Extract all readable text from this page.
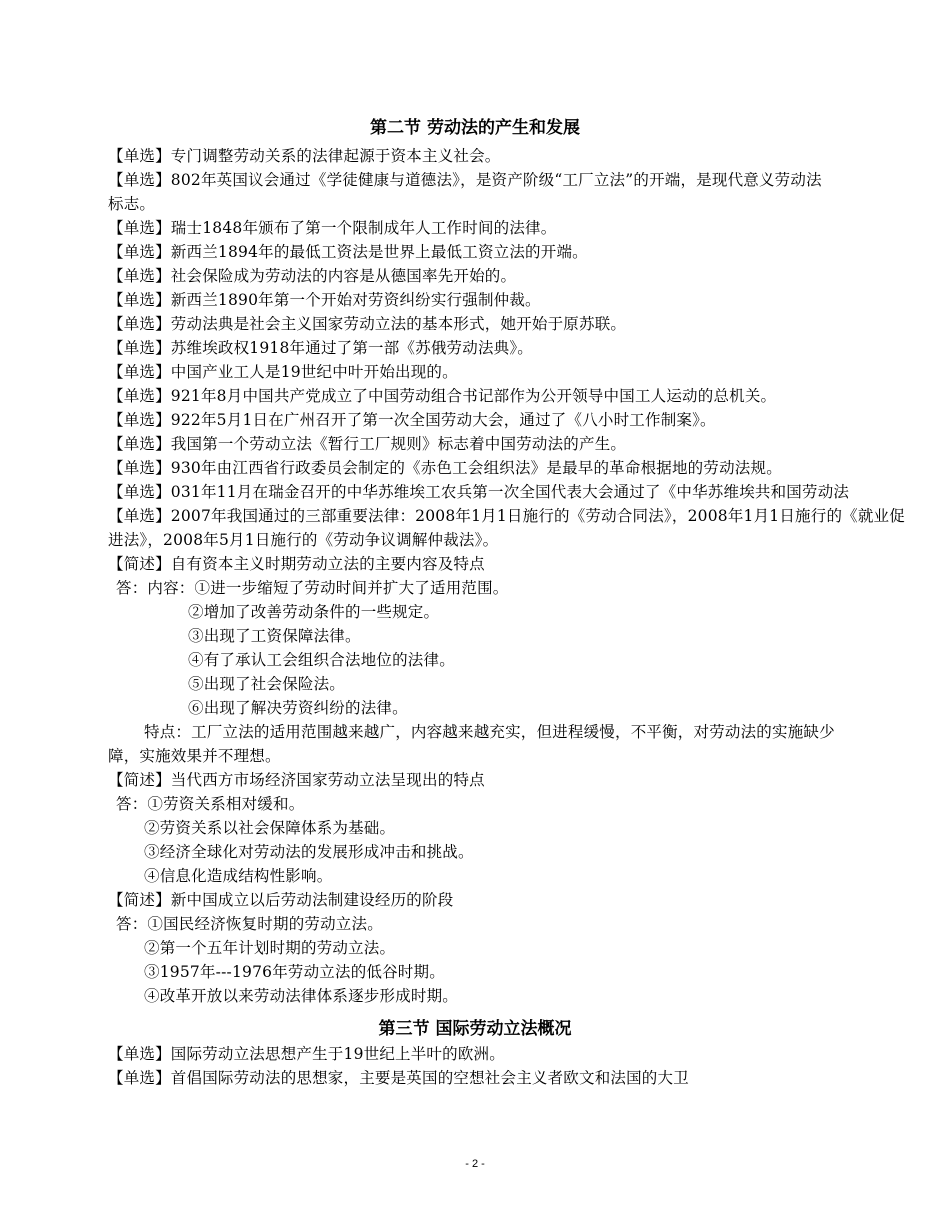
第二节 劳动法的产生和发展
【单选】专门调整劳动关系的法律起源于资本主义社会。
【单选】802年英国议会通过《学徒健康与道德法》，是资产阶级“工厂立法”的开端，是现代意义劳动法
标志。
【单选】瑞士1848年颁布了第一个限制成年人工作时间的法律。
【单选】新西兰1894年的最低工资法是世界上最低工资立法的开端。
【单选】社会保险成为劳动法的内容是从德国率先开始的。
【单选】新西兰1890年第一个开始对劳资纠纷实行强制仲裁。
【单选】劳动法典是社会主义国家劳动立法的基本形式，她开始于原苏联。
【单选】苏维埃政权1918年通过了第一部《苏俄劳动法典》。
【单选】中国产业工人是19世纪中叶开始出现的。
【单选】921年8月中国共产党成立了中国劳动组合书记部作为公开领导中国工人运动的总机关。
【单选】922年5月1日在广州召开了第一次全国劳动大会，通过了《八小时工作制案》。
【单选】我国第一个劳动立法《暂行工厂规则》标志着中国劳动法的产生。
【单选】930年由江西省行政委员会制定的《赤色工会组织法》是最早的革命根据地的劳动法规。
【单选】031年11月在瑞金召开的中华苏维埃工农兵第一次全国代表大会通过了《中华苏维埃共和国劳动法
【单选】2007年我国通过的三部重要法律：2008年1月1日施行的《劳动合同法》，2008年1月1日施行的《就业促
进法》，2008年5月1日施行的《劳动争议调解仲裁法》。
【简述】自有资本主义时期劳动立法的主要内容及特点
答：内容：①进一步缩短了劳动时间并扩大了适用范围。
②增加了改善劳动条件的一些规定。
③出现了工资保障法律。
④有了承认工会组织合法地位的法律。
⑤出现了社会保险法。
⑥出现了解决劳资纠纷的法律。
特点：工厂立法的适用范围越来越广，内容越来越充实，但进程缓慢，不平衡，对劳动法的实施缺少
障，实施效果并不理想。
【简述】当代西方市场经济国家劳动立法呈现出的特点
答：①劳资关系相对缓和。
②劳资关系以社会保障体系为基础。
③经济全球化对劳动法的发展形成冲击和挑战。
④信息化造成结构性影响。
【简述】新中国成立以后劳动法制建设经历的阶段
答：①国民经济恢复时期的劳动立法。
②第一个五年计划时期的劳动立法。
③1957年---1976年劳动立法的低谷时期。
④改革开放以来劳动法律体系逐步形成时期。
第三节 国际劳动立法概况
【单选】国际劳动立法思想产生于19世纪上半叶的欧洲。
【单选】首倡国际劳动法的思想家，主要是英国的空想社会主义者欧文和法国的大卫
- 2 -
